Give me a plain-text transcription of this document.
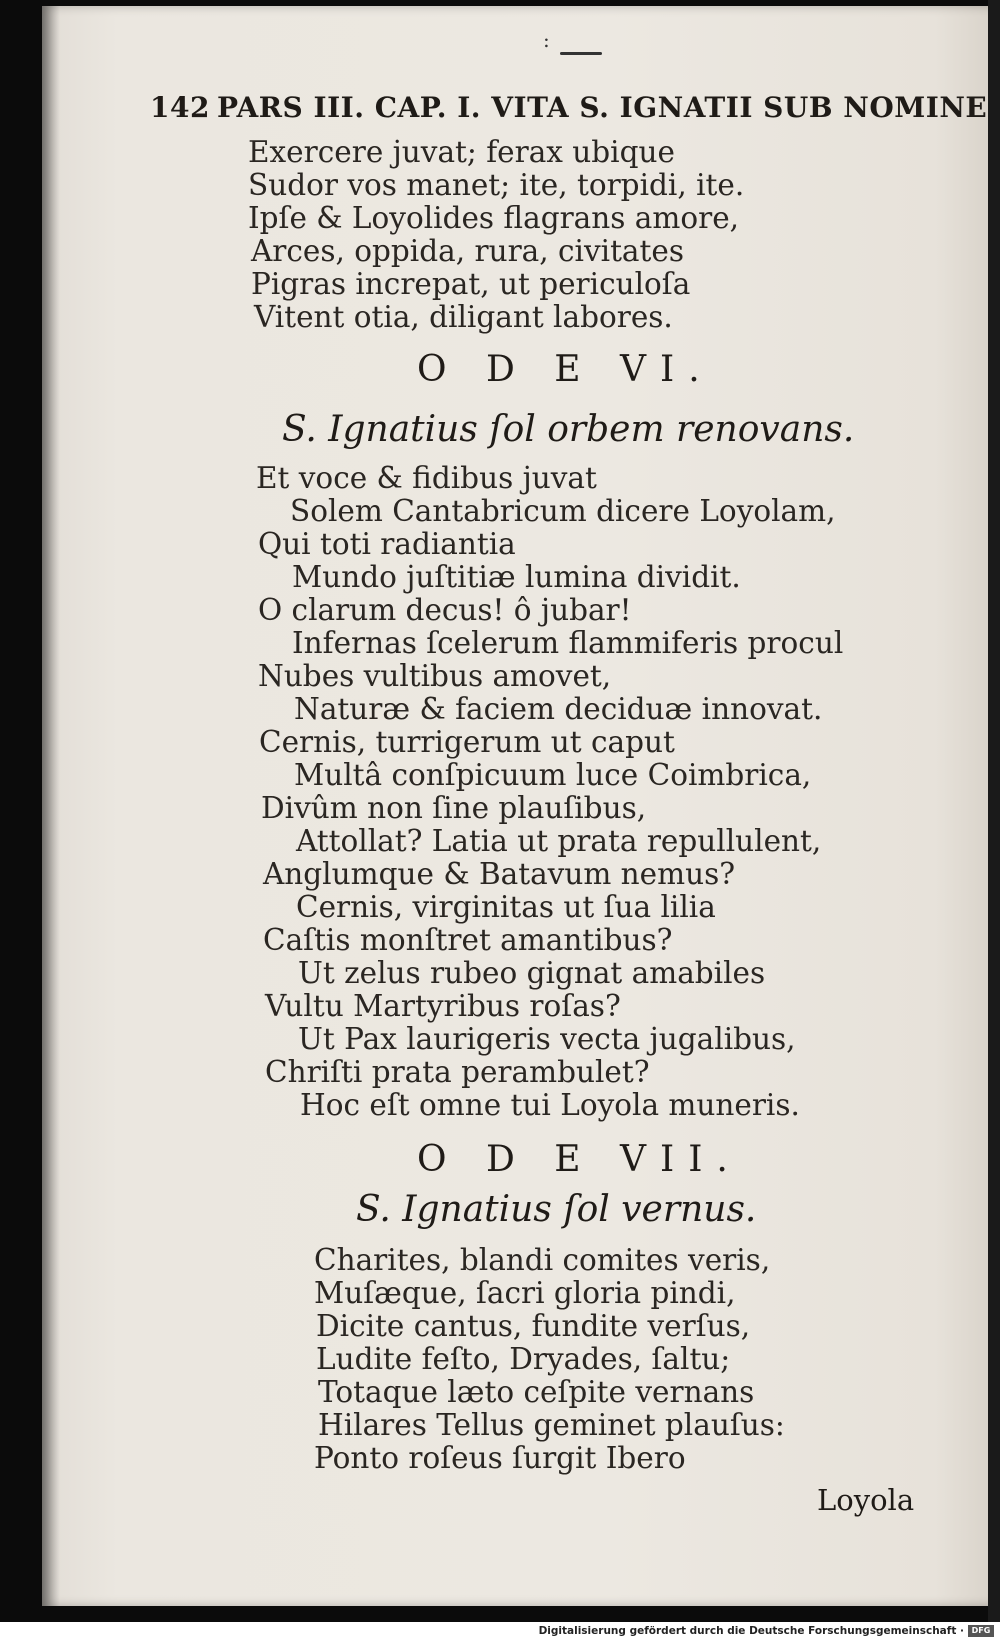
:
142 PARS III. CAP. I. VITA S. IGNATII SUB NOMINE
Exercere juvat; ferax ubique
Sudor vos manet; ite, torpidi, ite.
Ipſe & Loyolides flagrans amore,
Arces, oppida, rura, civitates
Pigras increpat, ut periculoſa
Vitent otia, diligant labores.
O D E VI.
S. Ignatius ſol orbem renovans.
Et voce & fidibus juvat
Solem Cantabricum dicere Loyolam,
Qui toti radiantia
Mundo juſtitiæ lumina dividit.
O clarum decus! ô jubar!
Infernas ſcelerum flammiferis procul
Nubes vultibus amovet,
Naturæ & faciem deciduæ innovat.
Cernis, turrigerum ut caput
Multâ conſpicuum luce Coimbrica,
Divûm non ſine plauſibus,
Attollat? Latia ut prata repullulent,
Anglumque & Batavum nemus?
Cernis, virginitas ut ſua lilia
Caſtis monſtret amantibus?
Ut zelus rubeo gignat amabiles
Vultu Martyribus roſas?
Ut Pax laurigeris vecta jugalibus,
Chriſti prata perambulet?
Hoc eſt omne tui Loyola muneris.
O D E VII.
S. Ignatius ſol vernus.
Charites, blandi comites veris,
Muſæque, ſacri gloria pindi,
Dicite cantus, fundite verſus,
Ludite feſto, Dryades, ſaltu;
Totaque læto ceſpite vernans
Hilares Tellus geminet plauſus:
Ponto roſeus ſurgit Ibero
Loyola
Digitalisierung gefördert durch die Deutsche Forschungsgemeinschaft · DFG
